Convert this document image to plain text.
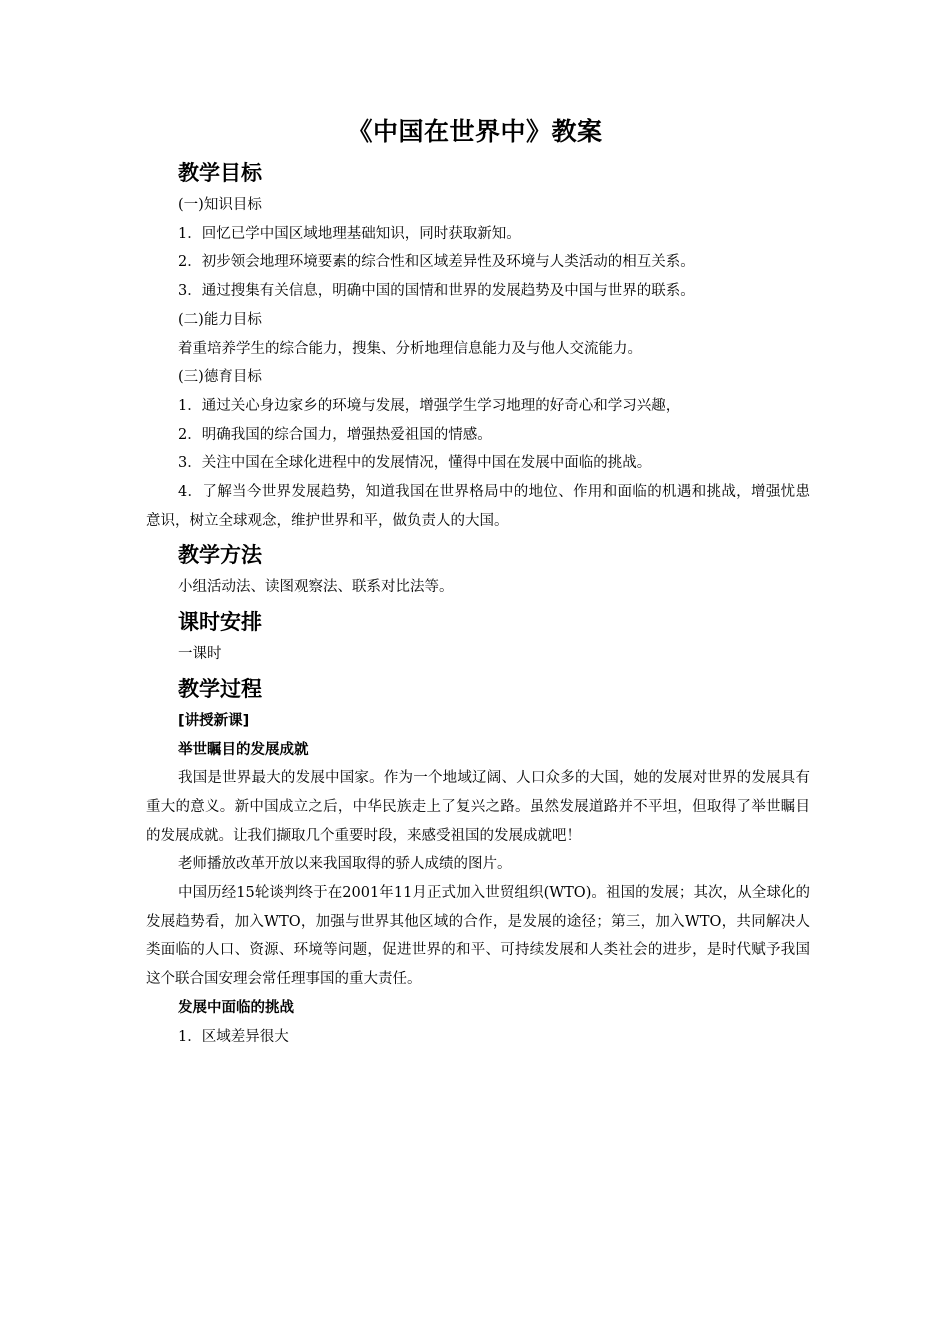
《中国在世界中》教案
教学目标

(一)知识目标

1．回忆已学中国区域地理基础知识，同时获取新知。

2．初步领会地理环境要素的综合性和区域差异性及环境与人类活动的相互关系。

3．通过搜集有关信息，明确中国的国情和世界的发展趋势及中国与世界的联系。

(二)能力目标

着重培养学生的综合能力，搜集、分析地理信息能力及与他人交流能力。

(三)德育目标

1．通过关心身边家乡的环境与发展，增强学生学习地理的好奇心和学习兴趣，

2．明确我国的综合国力，增强热爱祖国的情感。

3．关注中国在全球化进程中的发展情况，懂得中国在发展中面临的挑战。

4．了解当今世界发展趋势，知道我国在世界格局中的地位、作用和面临的机遇和挑战，增强忧患意识，树立全球观念，维护世界和平，做负责人的大国。

教学方法

小组活动法、读图观察法、联系对比法等。

课时安排

一课时

教学过程

[讲授新课]

举世瞩目的发展成就

我国是世界最大的发展中国家。作为一个地域辽阔、人口众多的大国，她的发展对世界的发展具有重大的意义。新中国成立之后，中华民族走上了复兴之路。虽然发展道路并不平坦，但取得了举世瞩目的发展成就。让我们撷取几个重要时段，来感受祖国的发展成就吧！

老师播放改革开放以来我国取得的骄人成绩的图片。

中国历经15轮谈判终于在2001年11月正式加入世贸组织(WTO)。祖国的发展；其次，从全球化的发展趋势看，加入WTO，加强与世界其他区域的合作，是发展的途径；第三，加入WTO，共同解决人类面临的人口、资源、环境等问题，促进世界的和平、可持续发展和人类社会的进步，是时代赋予我国这个联合国安理会常任理事国的重大责任。

发展中面临的挑战

1．区域差异很大
